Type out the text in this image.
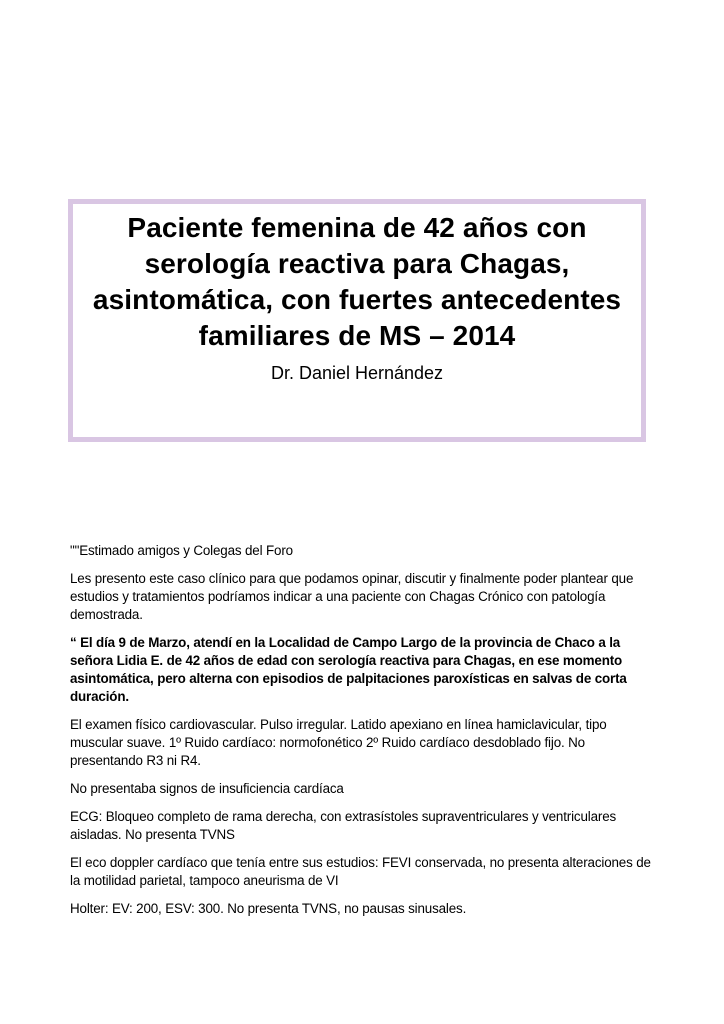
Paciente femenina de 42 años con serología reactiva para Chagas, asintomática, con fuertes antecedentes familiares de MS – 2014
Dr. Daniel Hernández

""Estimado amigos y Colegas del Foro

Les presento este caso clínico para que podamos opinar, discutir y finalmente poder plantear que estudios y tratamientos podríamos indicar a una paciente con Chagas Crónico con patología demostrada.

“ El día 9 de Marzo, atendí en la Localidad de Campo Largo de la provincia de Chaco a la señora Lidia E. de 42 años de edad con serología reactiva para Chagas, en ese momento asintomática, pero alterna con episodios de palpitaciones paroxísticas en salvas de corta duración.

El examen físico cardiovascular. Pulso irregular. Latido apexiano en línea hamiclavicular, tipo muscular suave. 1º Ruido cardíaco: normofonético 2º Ruido cardíaco desdoblado fijo. No presentando R3 ni R4.

No presentaba signos de insuficiencia cardíaca

ECG: Bloqueo completo de rama derecha, con extrasístoles supraventriculares y ventriculares aisladas. No presenta TVNS

El eco doppler cardíaco que tenía entre sus estudios: FEVI conservada, no presenta alteraciones de la motilidad parietal, tampoco aneurisma de VI

Holter: EV: 200, ESV: 300. No presenta TVNS, no pausas sinusales.
